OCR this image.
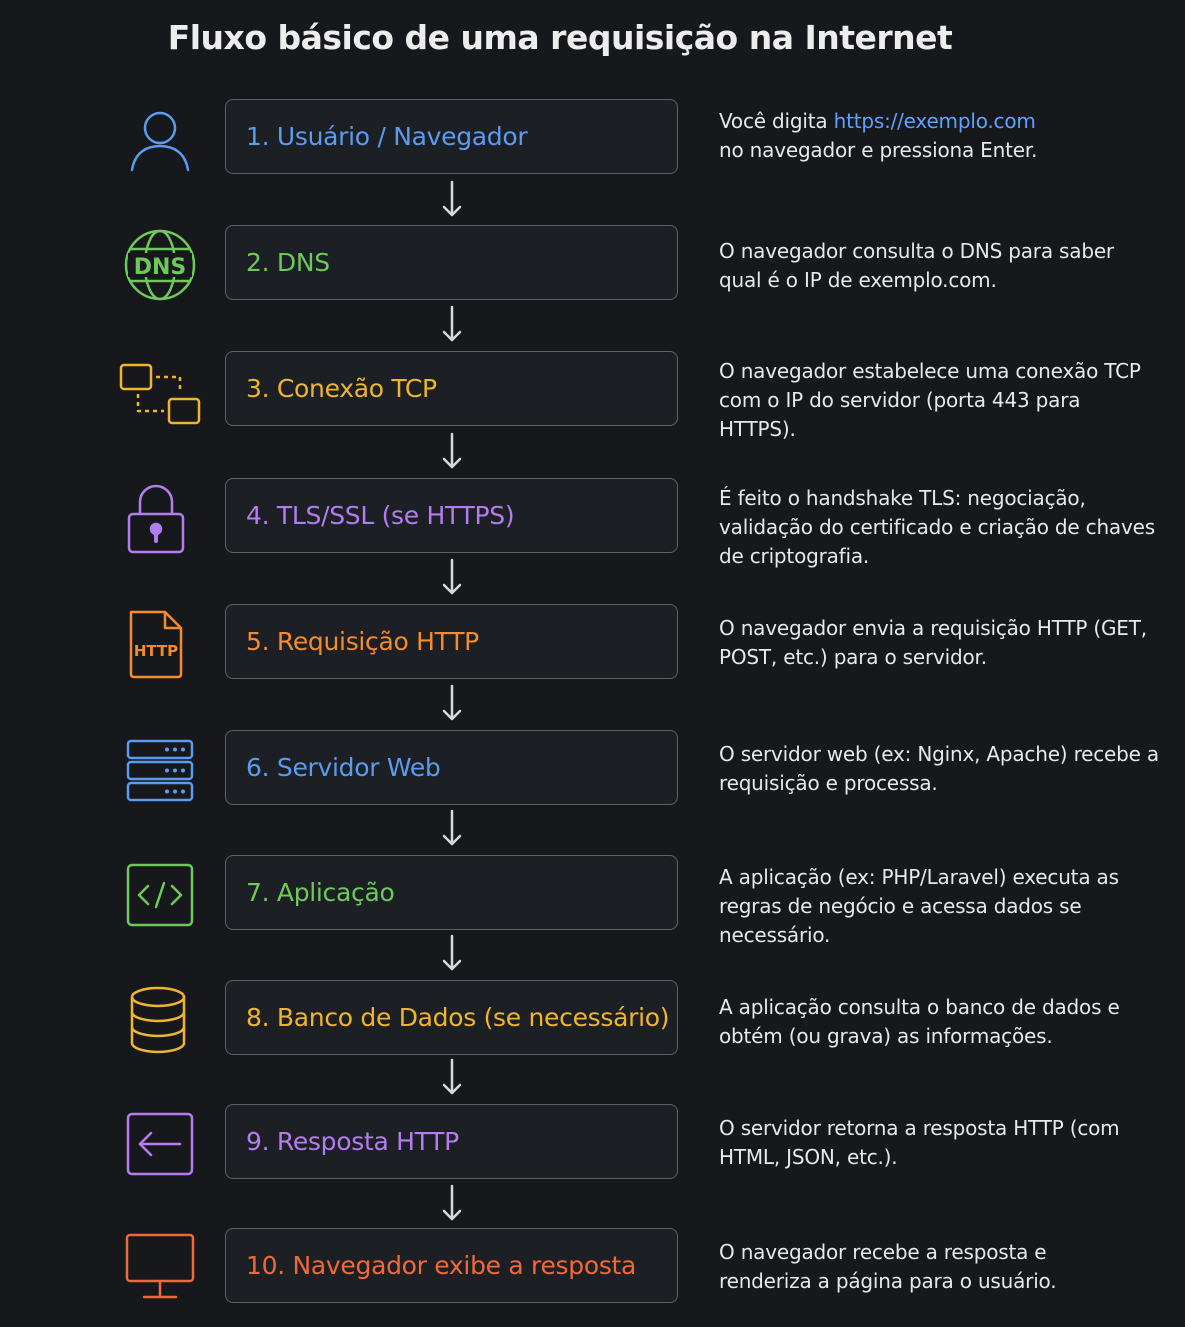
Fluxo básico de uma requisição na Internet
1. Usuário / Navegador
Você digita https://exemplo.com
no navegador e pressiona Enter.
DNS 2. DNS	O navegador consulta o DNS para saber qual é o IP de exemplo.com.
3. Conexão TCP
O navegador estabelece uma conexão TCP com o IP do servidor (porta 443 para HTTPS).
4. TLS/SSL (se HTTPS)
É feito o handshake TLS: negociação, validação do certificado e criação de chaves de criptografia.
HTTP	5. Requisição HTTP	O navegador envia a requisição HTTP (GET, POST, etc.) para o servidor.
6. Servidor Web	O servidor web (ex: Nginx, Apache) recebe a requisição e processa.
7. Aplicação
A aplicação (ex: PHP/Laravel) executa as regras de negócio e acessa dados se necessário.
8. Banco de Dados (se necessário) A aplicação consulta o banco de dados e obtém (ou grava) as informações.
9. Resposta HTTP	O servidor retorna a resposta HTTP (com HTML, JSON, etc.).
10. Navegador exibe a resposta	O navegador recebe a resposta e renderiza a página para o usuário.
